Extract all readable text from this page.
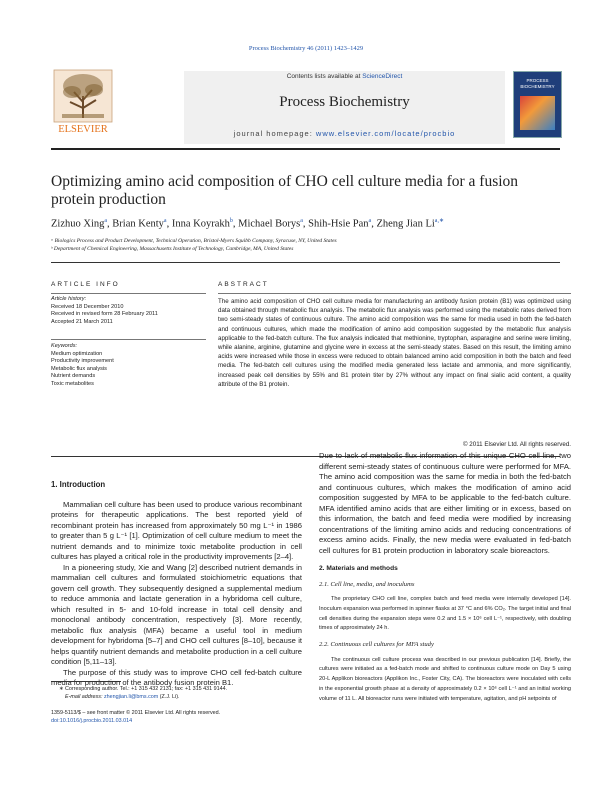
Process Biochemistry 46 (2011) 1423–1429
Contents lists available at ScienceDirect
Process Biochemistry
journal homepage: www.elsevier.com/locate/procbio
ELSEVIER
PROCESS BIOCHEMISTRY
Optimizing amino acid composition of CHO cell culture media for a fusion protein production
Zizhuo Xing$^a$, Brian Kenty$^a$, Inna Koyrakh$^b$, Michael Borys$^a$, Shih-Hsie Pan$^a$, Zheng Jian $Li^{a,∗}$
ᵃ Biologics Process and Product Development, Technical Operation, Bristol-Myers Squibb Company, Syracuse, NY, United States
ᵇ Department of Chemical Engineering, Massachusetts Institute of Technology, Cambridge, MA, United States
ARTICLE INFO
Article history:
Received 18 December 2010
Received in revised form 28 February 2011
Accepted 21 March 2011
Keywords:
Medium optimization
Productivity improvement
Metabolic flux analysis
Nutrient demands
Toxic metabolites
ABSTRACT
The amino acid composition of CHO cell culture media for manufacturing an antibody fusion protein (B1) was optimized using data obtained through metabolic flux analysis. The metabolic flux analysis was performed using the metabolic rates derived from two semi-steady states of continuous culture. The amino acid composition was the same for media used in both the fed-batch and continuous cultures, which made the modification of amino acid composition suggested by the metabolic flux analysis applicable to the fed-batch culture. The flux analysis indicated that methionine, tryptophan, asparagine and serine were limiting, while alanine, arginine, glutamine and glycine were in excess at the semi-steady states. Based on this result, the limiting amino acids were increased while those in excess were reduced to obtain balanced amino acid composition in both the batch and feed media. The fed-batch cell cultures using the modified media generated less lactate and ammonia, and more significantly, increased peak cell densities by 55% and B1 protein titer by 27% without any impact on final sialic acid content, a quality attribute of the B1 protein.
© 2011 Elsevier Ltd. All rights reserved.
1. Introduction

Mammalian cell culture has been used to produce various recombinant proteins for therapeutic applications. The best reported yield of recombinant protein has increased from approximately 50 mg L⁻¹ in 1986 to greater than 5 g L⁻¹ [1]. Optimization of cell culture medium to meet the nutrient demands and to minimize toxic metabolite production in cell cultures has played a critical role in the productivity improvements [2–4].

In a pioneering study, Xie and Wang [2] described nutrient demands in mammalian cell cultures and formulated stoichiometric equations that govern cell growth. They subsequently designed a supplemental medium to reduce ammonia and lactate generation in a hybridoma cell culture, which resulted in 5- and 10-fold increase in total cell density and monoclonal antibody concentration, respectively [3]. More recently, metabolic flux analysis (MFA) became a useful tool in medium development for hybridoma [5–7] and CHO cell cultures [8–10], because it helps quantify nutrient demands and metabolite production in a cell culture condition [5,11–13].

The purpose of this study was to improve CHO cell fed-batch culture media for production of the antibody fusion protein B1.

∗ Corresponding author. Tel.: +1 315 432 2131; fax: +1 315 431 9144.
E-mail address: zhengjian.li@bms.com (Z.J. Li).
1359-5113/$ – see front matter © 2011 Elsevier Ltd. All rights reserved.
doi:10.1016/j.procbio.2011.03.014

Due to lack of metabolic flux information of this unique CHO cell line, two different semi-steady states of continuous culture were performed for MFA. The amino acid composition was the same for media in both the fed-batch and continuous cultures, which makes the modification of amino acid composition suggested by MFA to be applicable to the fed-batch culture. MFA identified amino acids that are either limiting or in excess, based on this information, the batch and feed media were modified by increasing concentrations of the limiting amino acids and reducing concentrations of excess amino acids. Finally, the new media were evaluated in fed-batch cell cultures for B1 protein production in laboratory scale bioreactors.

2. Materials and methods
2.1. Cell line, media, and inoculums
The proprietary CHO cell line, complex batch and feed media were internally developed [14]. Inoculum expansion was performed in spinner flasks at 37 °C and 6% CO₂. The target initial and final cell densities during the expansion steps were 0.2 and 1.5 × 10⁶ cell L⁻¹, respectively, with doubling times of approximately 24 h.
2.2. Continuous cell cultures for MFA study
The continuous cell culture process was described in our previous publication [14]. Briefly, the cultures were initiated as a fed-batch mode and shifted to continuous culture mode on Day 5 using 20-L Applikon bioreactors (Applikon Inc., Foster City, CA). The bioreactors were inoculated with cells in the exponential growth phase at a density of approximately 0.2 × 10⁶ cell L⁻¹ and an initial working volume of 11 L. All bioreactor runs were initiated with temperature, agitation, and pH setpoints of
